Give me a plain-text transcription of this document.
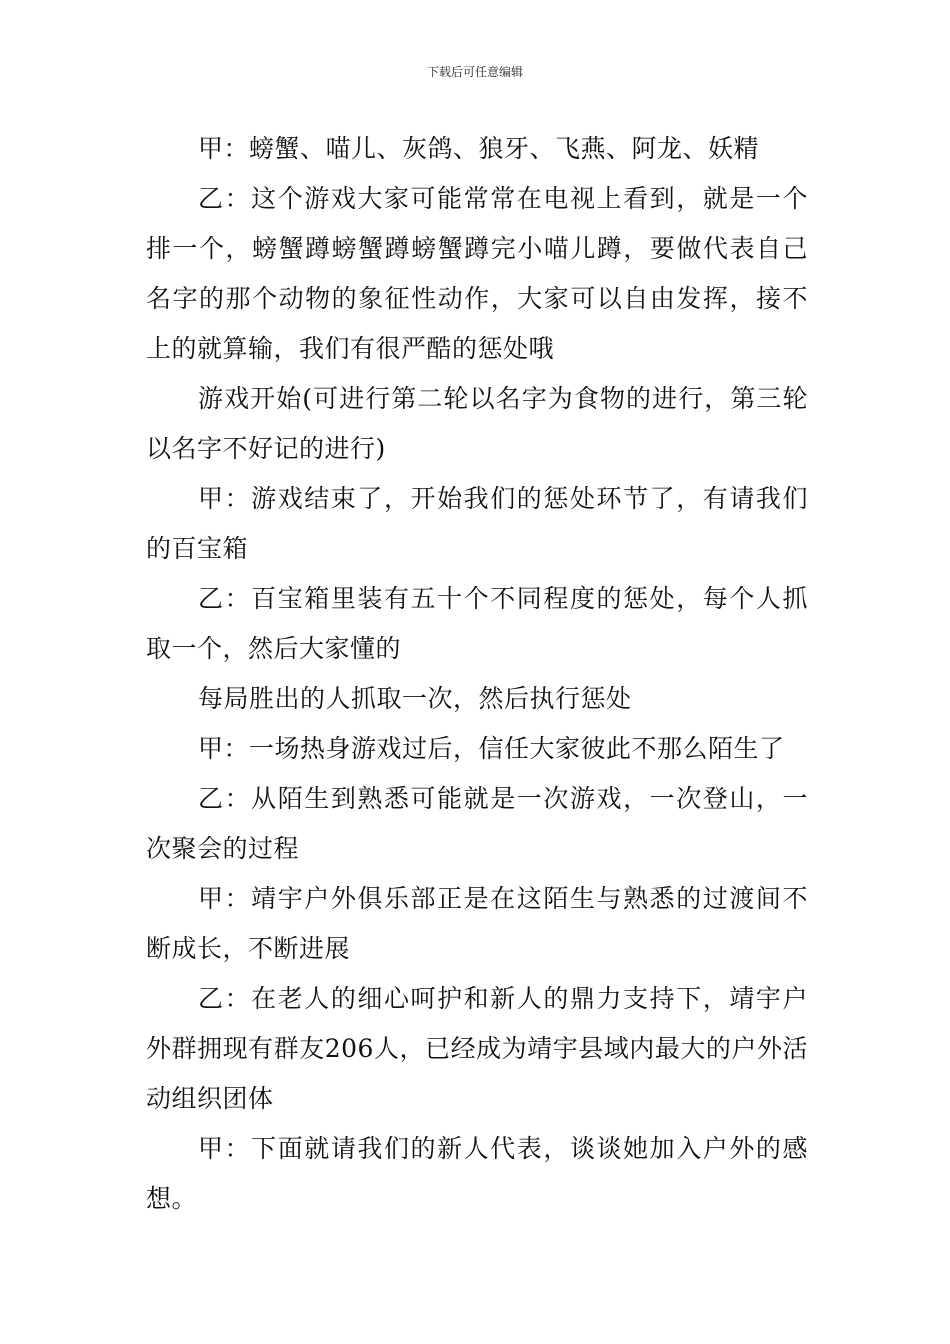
下载后可任意编辑

甲：螃蟹、喵儿、灰鸽、狼牙、飞燕、阿龙、妖精

乙：这个游戏大家可能常常在电视上看到，就是一个排一个，螃蟹蹲螃蟹蹲螃蟹蹲完小喵儿蹲，要做代表自己名字的那个动物的象征性动作，大家可以自由发挥，接不上的就算输，我们有很严酷的惩处哦

游戏开始(可进行第二轮以名字为食物的进行，第三轮以名字不好记的进行)

甲：游戏结束了，开始我们的惩处环节了，有请我们的百宝箱

乙：百宝箱里装有五十个不同程度的惩处，每个人抓取一个，然后大家懂的

每局胜出的人抓取一次，然后执行惩处

甲：一场热身游戏过后，信任大家彼此不那么陌生了

乙：从陌生到熟悉可能就是一次游戏，一次登山，一次聚会的过程

甲：靖宇户外俱乐部正是在这陌生与熟悉的过渡间不断成长，不断进展

乙：在老人的细心呵护和新人的鼎力支持下，靖宇户外群拥现有群友206人，已经成为靖宇县域内最大的户外活动组织团体

甲：下面就请我们的新人代表，谈谈她加入户外的感想。
